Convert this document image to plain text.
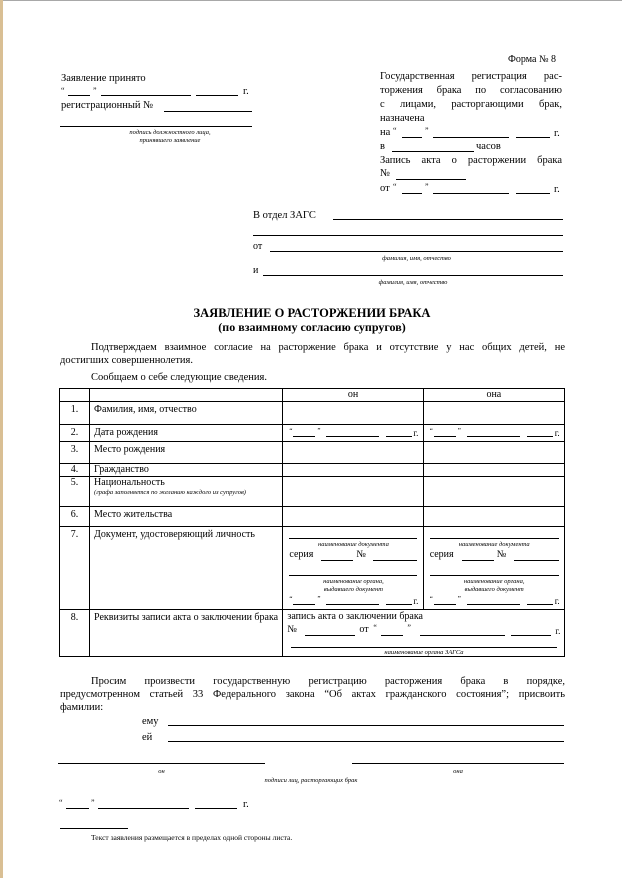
Форма № 8
Заявление принято
“	”	г.
регистрационный №
подпись должностного лица,
принявшего заявление
Государственная регистрация рас-
торжения брака по согласованию
с лицами, расторгающими брак,
назначена
на “	”	г.
в	часов
Запись акта о расторжении брака
№
от “	”	г.
В отдел ЗАГС
от
фамилия, имя, отчество
и
фамилия, имя, отчество
ЗАЯВЛЕНИЕ О РАСТОРЖЕНИИ БРАКА
(по взаимному согласию супругов)
Подтверждаем взаимное согласие на расторжение брака и отсутствие у нас общих детей, не
достигших совершеннолетия.
Сообщаем о себе следующие сведения.
		он	она
1.	Фамилия, имя, отчество		
2.	Дата рождения	“ ” г.	“ ” г.

3.	Место рождения		
4.	Гражданство		
5.	Национальность
(графа заполняется по желанию каждого из супругов)		

6.	Место жительства		
7.	Документ, удостоверяющий личность	
наименование документа
серия	№
наименование органа,
выдавшего документ
“	”	г.

наименование документа
серия	№
наименование органа,
выдавшего документ
“	”	г.

8.	Реквизиты записи акта о заключении брака	запись акта о заключении брака
№	от “	”	г.
наименование органа ЗАГСа
Просим произвести государственную регистрацию расторжения брака в порядке,
предусмотренном статьей 33 Федерального закона “Об актах гражданского состояния”; присвоить
фамилии:
ему
ей
он	она
подписи лиц, расторгающих брак
“	”	г.
Текст заявления размещается в пределах одной стороны листа.
